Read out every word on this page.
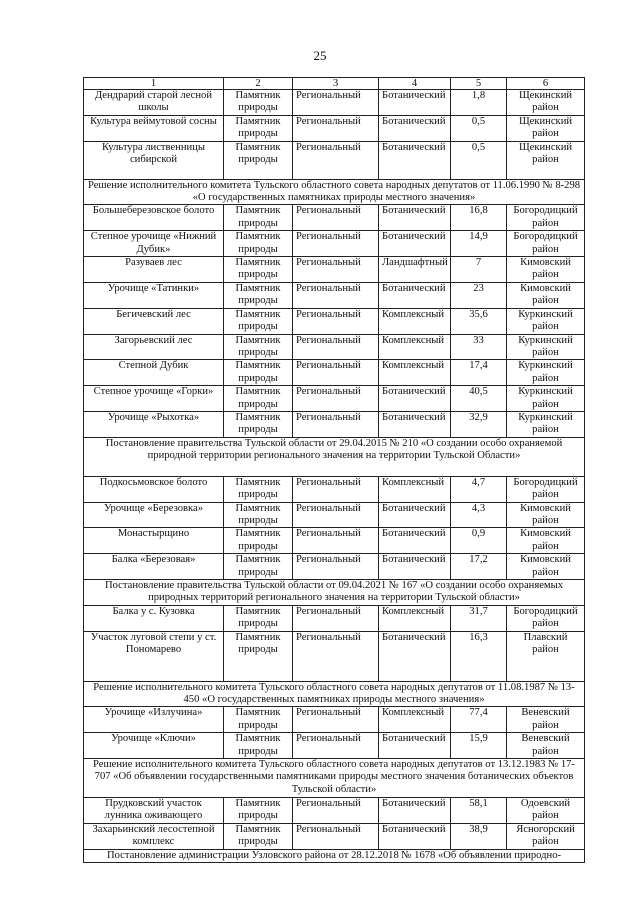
25
1	2	3	4	5	6
Дендрарий старой лесной школы	Памятник природы	Региональный	Ботанический	1,8	Щекинский район
Культура веймутовой сосны	Памятник природы	Региональный	Ботанический	0,5	Щекинский район
Культура лиственницы сибирской	Памятник природы	Региональный	Ботанический	0,5	Щекинский район
Решение исполнительного комитета Тульского областного совета народных депутатов от 11.06.1990 № 8-298 «О государственных памятниках природы местного значения»					
Большеберезовское болото	Памятник природы	Региональный	Ботанический	16,8	Богородицкий район
Степное урочище «Нижний Дубик»	Памятник природы	Региональный	Ботанический	14,9	Богородицкий район
Разуваев лес	Памятник природы	Региональный	Ландшафтный	7	Кимовский район
Урочище «Татинки»	Памятник природы	Региональный	Ботанический	23	Кимовский район
Бегичевский лес	Памятник природы	Региональный	Комплексный	35,6	Куркинский район
Загорьевский лес	Памятник природы	Региональный	Комплексный	33	Куркинский район
Степной Дубик	Памятник природы	Региональный	Комплексный	17,4	Куркинский район
Степное урочище «Горки»	Памятник природы	Региональный	Ботанический	40,5	Куркинский район
Урочище «Рыхотка»	Памятник природы	Региональный	Ботанический	32,9	Куркинский район
Постановление правительства Тульской области от 29.04.2015 № 210 «О создании особо охраняемой природной территории регионального значения на территории Тульской Области»					
Подкосьмовское болото	Памятник природы	Региональный	Комплексный	4,7	Богородицкий район
Урочище «Березовка»	Памятник природы	Региональный	Ботанический	4,3	Кимовский район
Монастырщино	Памятник природы	Региональный	Ботанический	0,9	Кимовский район
Балка «Березовая»	Памятник природы	Региональный	Ботанический	17,2	Кимовский район
Постановление правительства Тульской области от 09.04.2021 № 167 «О создании особо охраняемых природных территорий регионального значения на территории Тульской области»					
Балка у с. Кузовка	Памятник природы	Региональный	Комплексный	31,7	Богородицкий район
Участок луговой степи у ст. Пономарево	Памятник природы	Региональный	Ботанический	16,3	Плавский район
Решение исполнительного комитета Тульского областного совета народных депутатов от 11.08.1987 № 13-450 «О государственных памятниках природы местного значения»					
Урочище «Излучина»	Памятник природы	Региональный	Комплексный	77,4	Веневский район
Урочище «Ключи»	Памятник природы	Региональный	Ботанический	15,9	Веневский район
Решение исполнительного комитета Тульского областного совета народных депутатов от 13.12.1983 № 17-707 «Об объявлении государственными памятниками природы местного значения ботанических объектов Тульской области»					
Прудковский участок лунника оживающего	Памятник природы	Региональный	Ботанический	58,1	Одоевский район
Захарьинский лесостепной комплекс	Памятник природы	Региональный	Ботанический	38,9	Ясногорский район
Постановление администрации Узловского района от 28.12.2018 № 1678 «Об объявлении природно-					
